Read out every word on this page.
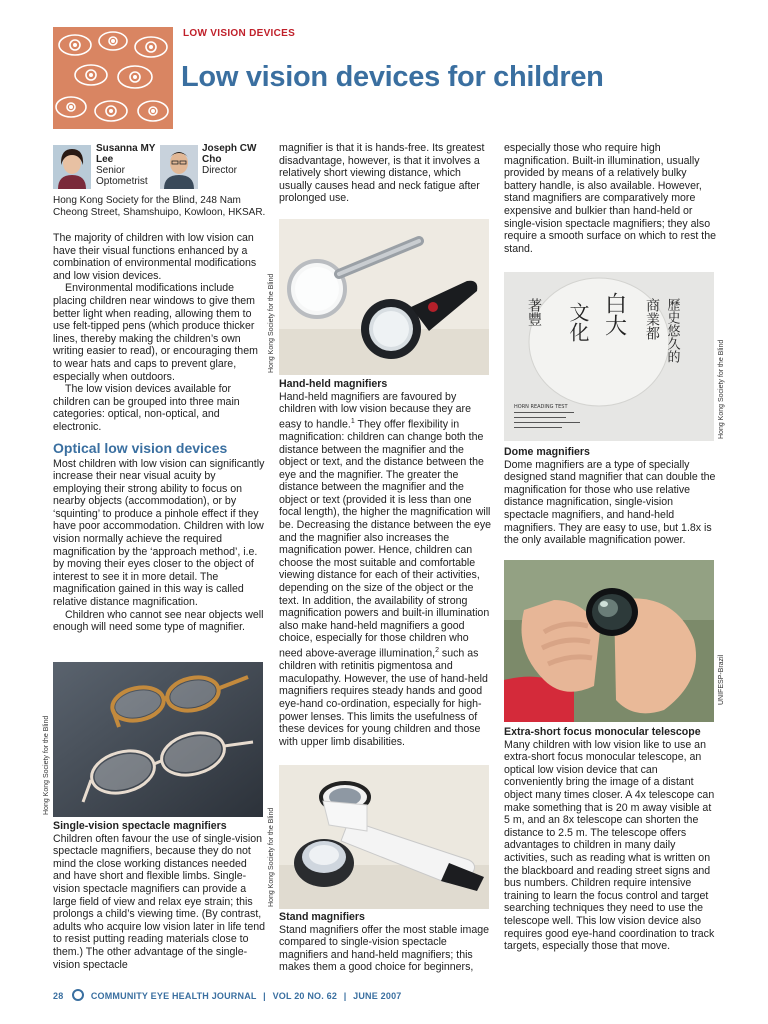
LOW VISION DEVICES
Low vision devices for children
Susanna MY Lee
Senior Optometrist
Joseph CW Cho
Director
Hong Kong Society for the Blind, 248 Nam Cheong Street, Shamshuipo, Kowloon, HKSAR.

The majority of children with low vision can have their visual functions enhanced by a combination of environmental modifications and low vision devices.

Environmental modifications include placing children near windows to give them better light when reading, allowing them to use felt-tipped pens (which produce thicker lines, thereby making the children’s own writing easier to read), or encouraging them to wear hats and caps to prevent glare, especially when outdoors.

The low vision devices available for children can be grouped into three main categories: optical, non-optical, and electronic.

Optical low vision devices

Most children with low vision can significantly increase their near visual acuity by employing their strong ability to focus on nearby objects (accommodation), or by ‘squinting’ to produce a pinhole effect if they have poor accommodation. Children with low vision normally achieve the required magnification by the ‘approach method’, i.e. by moving their eyes closer to the object of interest to see it in more detail. The magnification gained in this way is called relative distance magnification.

Children who cannot see near objects well enough will need some type of magnifier.

Hong Kong Society for the Blind
Single-vision spectacle magnifiers

Children often favour the use of single-vision spectacle magnifiers, because they do not mind the close working distances needed and have short and flexible limbs. Single-vision spectacle magnifiers can provide a large field of view and relax eye strain; this prolongs a child’s viewing time. (By contrast, adults who acquire low vision later in life tend to resist putting reading materials close to them.) The other advantage of the single-vision spectacle

magnifier is that it is hands-free. Its greatest disadvantage, however, is that it involves a relatively short viewing distance, which usually causes head and neck fatigue after prolonged use.
Hong Kong Society for the Blind
Hand-held magnifiers

Hand-held magnifiers are favoured by children with low vision because they are easy to handle.$^1$ They offer flexibility in magnification: children can change both the distance between the magnifier and the object or text, and the distance between the eye and the magnifier. The greater the distance between the magnifier and the object or text (provided it is less than one focal length), the higher the magnification will be. Decreasing the distance between the eye and the magnifier also increases the magnification power. Hence, children can choose the most suitable and comfortable viewing distance for each of their activities, depending on the size of the object or the text. In addition, the availability of strong magnification powers and built-in illumination also make hand-held magnifiers a good choice, especially for those children who need above-average illumination,$^2$ such as children with retinitis pigmentosa and maculopathy. However, the use of hand-held magnifiers requires steady hands and good eye-hand co-ordination, especially for high-power lenses. This limits the usefulness of these devices for young children and those with upper limb disabilities.

Hong Kong Society for the Blind
Stand magnifiers

Stand magnifiers offer the most stable image compared to single-vision spectacle magnifiers and hand-held magnifiers; this makes them a good choice for beginners,

especially those who require high magnification. Built-in illumination, usually provided by means of a relatively bulky battery handle, is also available. However, stand magnifiers are comparatively more expensive and bulkier than hand-held or single-vision spectacle magnifiers; they also require a smooth surface on which to rest the stand.
歷史悠久的
商業都
白大
文化
著豐
HORN READING TEST	Hong Kong Society for the Blind
Dome magnifiers

Dome magnifiers are a type of specially designed stand magnifier that can double the magnification for those who use relative distance magnification, single-vision spectacle magnifiers, and hand-held magnifiers. They are easy to use, but 1.8x is the only available magnification power.

UNIFESP-Brazil
Extra-short focus monocular telescope

Many children with low vision like to use an extra-short focus monocular telescope, an optical low vision device that can conveniently bring the image of a distant object many times closer. A 4x telescope can make something that is 20 m away visible at 5 m, and an 8x telescope can shorten the distance to 2.5 m. The telescope offers advantages to children in many daily activities, such as reading what is written on the blackboard and reading street signs and bus numbers. Children require intensive training to learn the focus control and target searching techniques they need to use the telescope well. This low vision device also requires good eye-hand coordination to track targets, especially those that move.

28	COMMUNITY EYE HEALTH JOURNAL | VOL 20 NO. 62 | JUNE 2007
